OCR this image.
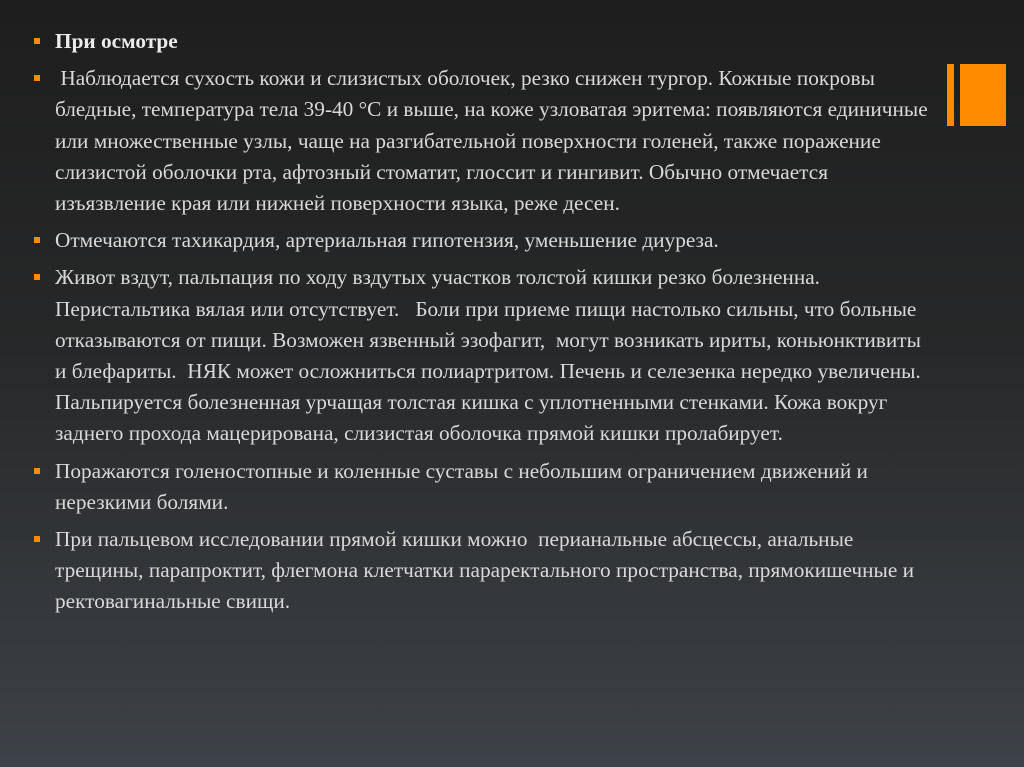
При осмотре
Наблюдается сухость кожи и слизистых оболочек, резко снижен тургор. Кожные покровы бледные, температура тела 39-40 °С и выше, на коже узловатая эритема: появляются единичные или множественные узлы, чаще на разгибательной поверхности голеней, также поражение слизистой оболочки рта, афтозный стоматит, глоссит и гингивит. Обычно отмечается изъязвление края или нижней поверхности языка, реже десен.
Отмечаются тахикардия, артериальная гипотензия, уменьшение диуреза.
Живот вздут, пальпация по ходу вздутых участков толстой кишки резко болезненна. Перистальтика вялая или отсутствует.   Боли при приеме пищи настолько сильны, что больные отказываются от пищи. Возможен язвенный эзофагит,  могут возникать ириты, коньюнктивиты и блефариты.  НЯК может осложниться полиартритом. Печень и селезенка нередко увеличены. Пальпируется болезненная урчащая толстая кишка с уплотненными стенками. Кожа вокруг заднего прохода мацерирована, слизистая оболочка прямой кишки пролабирует.
Поражаются голеностопные и коленные суставы с небольшим ограничением движений и нерезкими болями.
При пальцевом исследовании прямой кишки можно  перианальные абсцессы, анальные трещины, парапроктит, флегмона клетчатки параректального пространства, прямокишечные и ректовагинальные свищи.
